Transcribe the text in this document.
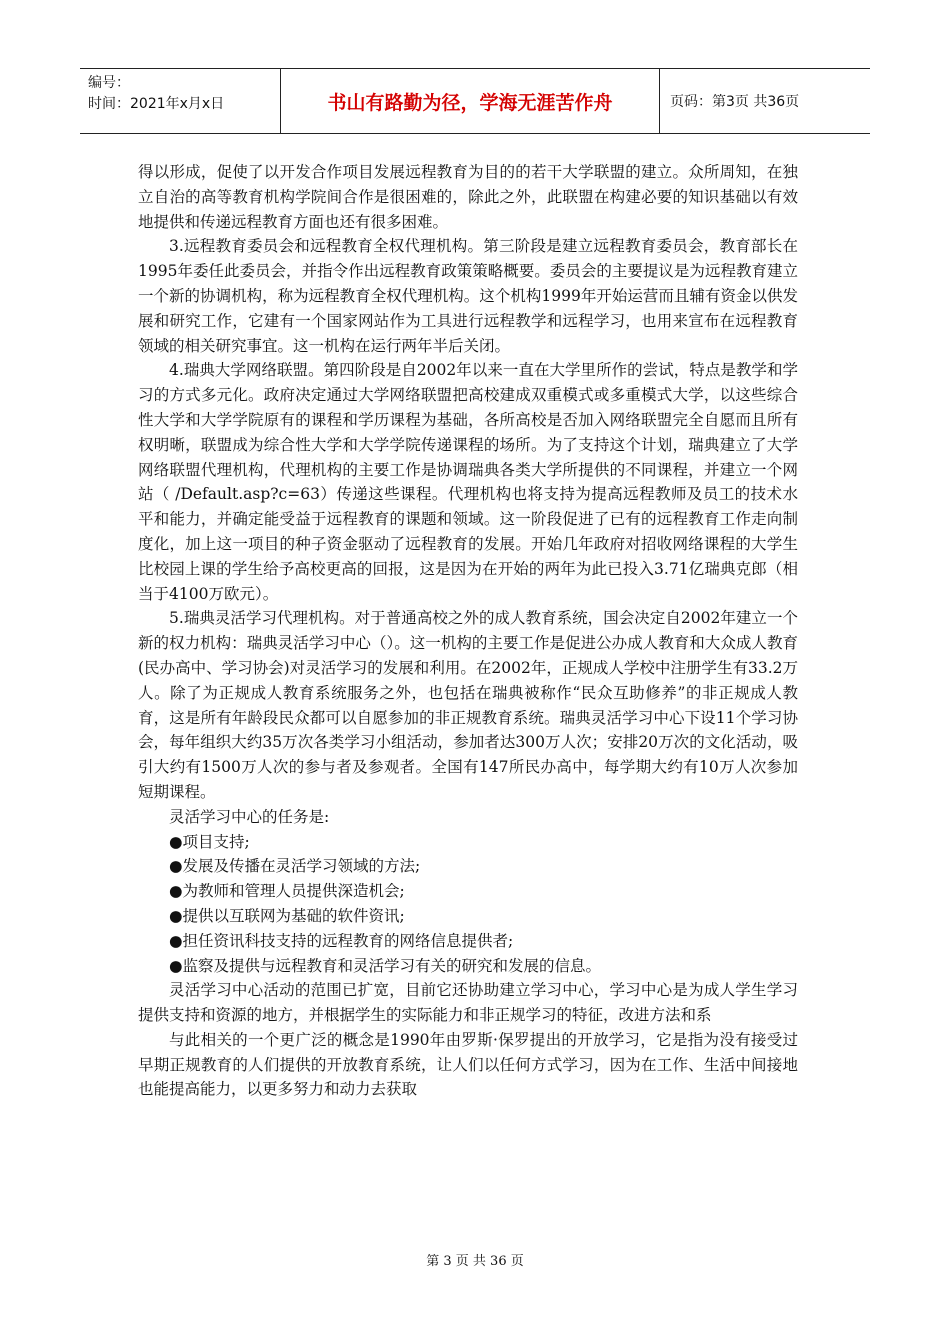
编号：
时间：2021年x月x日	书山有路勤为径，学海无涯苦作舟	页码：第3页 共36页

得以形成，促使了以开发合作项目发展远程教育为目的的若干大学联盟的建立。众所周知，在独立自治的高等教育机构学院间合作是很困难的，除此之外，此联盟在构建必要的知识基础以有效地提供和传递远程教育方面也还有很多困难。

3.远程教育委员会和远程教育全权代理机构。第三阶段是建立远程教育委员会，教育部长在1995年委任此委员会，并指令作出远程教育政策策略概要。委员会的主要提议是为远程教育建立一个新的协调机构，称为远程教育全权代理机构。这个机构1999年开始运营而且辅有资金以供发展和研究工作，它建有一个国家网站作为工具进行远程教学和远程学习，也用来宣布在远程教育领域的相关研究事宜。这一机构在运行两年半后关闭。

4.瑞典大学网络联盟。第四阶段是自2002年以来一直在大学里所作的尝试，特点是教学和学习的方式多元化。政府决定通过大学网络联盟把高校建成双重模式或多重模式大学，以这些综合性大学和大学学院原有的课程和学历课程为基础，各所高校是否加入网络联盟完全自愿而且所有权明晰，联盟成为综合性大学和大学学院传递课程的场所。为了支持这个计划，瑞典建立了大学网络联盟代理机构，代理机构的主要工作是协调瑞典各类大学所提供的不同课程，并建立一个网站（ /Default.asp?c=63）传递这些课程。代理机构也将支持为提高远程教师及员工的技术水平和能力，并确定能受益于远程教育的课题和领域。这一阶段促进了已有的远程教育工作走向制度化，加上这一项目的种子资金驱动了远程教育的发展。开始几年政府对招收网络课程的大学生比校园上课的学生给予高校更高的回报，这是因为在开始的两年为此已投入3.71亿瑞典克郎（相当于4100万欧元）。

5.瑞典灵活学习代理机构。对于普通高校之外的成人教育系统，国会决定自2002年建立一个新的权力机构：瑞典灵活学习中心（）。这一机构的主要工作是促进公办成人教育和大众成人教育(民办高中、学习协会)对灵活学习的发展和利用。在2002年，正规成人学校中注册学生有33.2万人。除了为正规成人教育系统服务之外，也包括在瑞典被称作“民众互助修养”的非正规成人教育，这是所有年龄段民众都可以自愿参加的非正规教育系统。瑞典灵活学习中心下设11个学习协会，每年组织大约35万次各类学习小组活动，参加者达300万人次；安排20万次的文化活动，吸引大约有1500万人次的参与者及参观者。全国有147所民办高中，每学期大约有10万人次参加短期课程。

灵活学习中心的任务是:

●项目支持;

●发展及传播在灵活学习领域的方法;

●为教师和管理人员提供深造机会;

●提供以互联网为基础的软件资讯;

●担任资讯科技支持的远程教育的网络信息提供者;

●监察及提供与远程教育和灵活学习有关的研究和发展的信息。

灵活学习中心活动的范围已扩宽，目前它还协助建立学习中心，学习中心是为成人学生学习提供支持和资源的地方，并根据学生的实际能力和非正规学习的特征，改进方法和系

与此相关的一个更广泛的概念是1990年由罗斯·保罗提出的开放学习，它是指为没有接受过早期正规教育的人们提供的开放教育系统，让人们以任何方式学习，因为在工作、生活中间接地也能提高能力，以更多努力和动力去获取

第 3 页 共 36 页
